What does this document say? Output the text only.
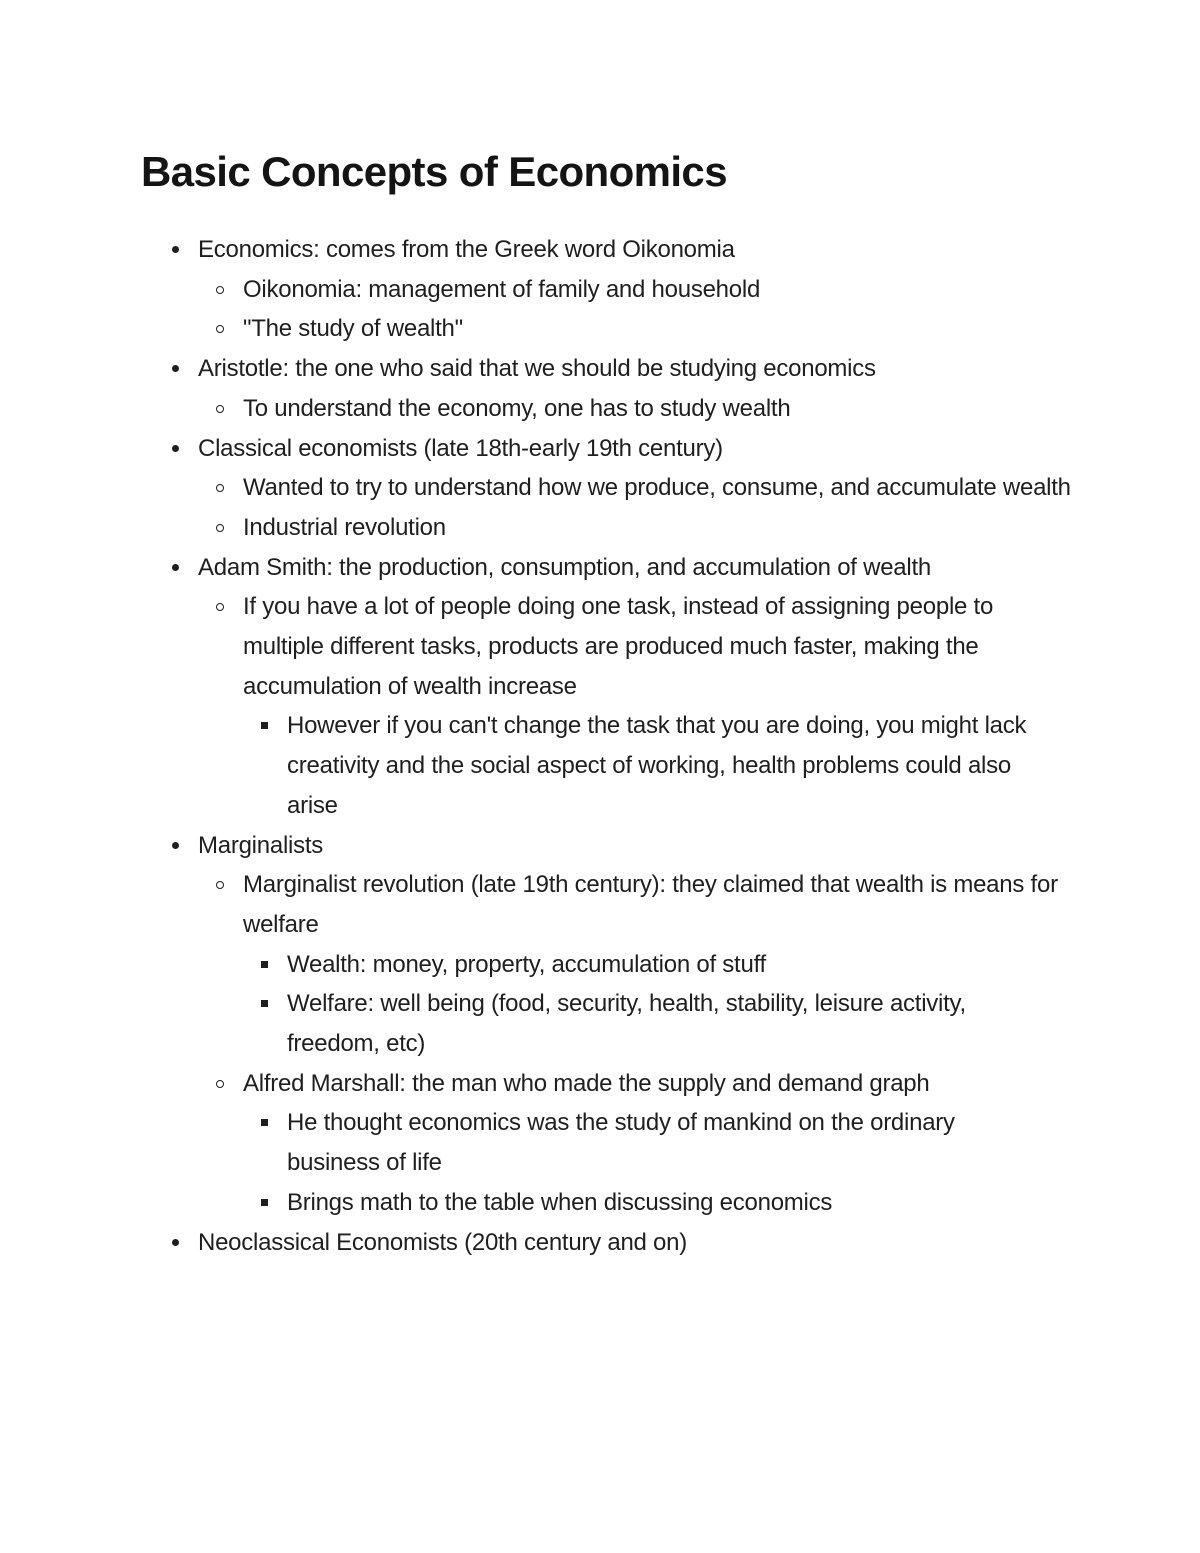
Basic Concepts of Economics
Economics: comes from the Greek word Oikonomia
Oikonomia: management of family and household
"The study of wealth"
Aristotle: the one who said that we should be studying economics
To understand the economy, one has to study wealth
Classical economists (late 18th-early 19th century)
Wanted to try to understand how we produce, consume, and accumulate wealth
Industrial revolution
Adam Smith: the production, consumption, and accumulation of wealth
If you have a lot of people doing one task, instead of assigning people to multiple different tasks, products are produced much faster, making the accumulation of wealth increase
However if you can't change the task that you are doing, you might lack creativity and the social aspect of working, health problems could also arise
Marginalists
Marginalist revolution (late 19th century): they claimed that wealth is means for welfare
Wealth: money, property, accumulation of stuff
Welfare: well being (food, security, health, stability, leisure activity, freedom, etc)
Alfred Marshall: the man who made the supply and demand graph
He thought economics was the study of mankind on the ordinary business of life
Brings math to the table when discussing economics
Neoclassical Economists (20th century and on)
